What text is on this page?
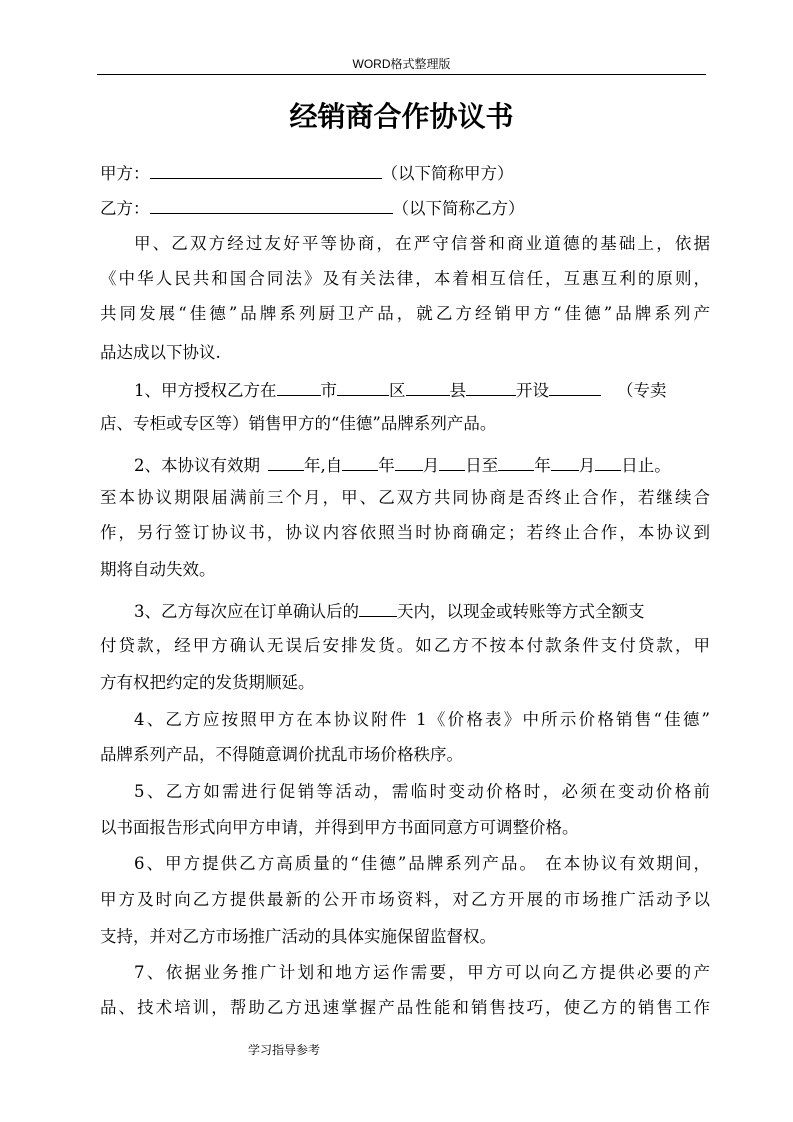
WORD格式整理版
经销商合作协议书
甲方：	（以下简称甲方）
乙方：	（以下简称乙方）
甲、乙双方经过友好平等协商，在严守信誉和商业道德的基础上，依据
《中华人民共和国合同法》及有关法律，本着相互信任，互惠互利的原则，
共同发展“佳德”品牌系列厨卫产品，就乙方经销甲方“佳德”品牌系列产
品达成以下协议.
1、甲方授权乙方在	市	区	县	开设	（专卖
店、专柜或专区等）销售甲方的“佳德”品牌系列产品。
2、本协议有效期	年,自 年 月 日至 年 月 日止。
至本协议期限届满前三个月，甲、乙双方共同协商是否终止合作，若继续合
作，另行签订协议书，协议内容依照当时协商确定；若终止合作，本协议到
期将自动失效。
3、乙方每次应在订单确认后的 天内，以现金或转账等方式全额支
付贷款，经甲方确认无误后安排发货。如乙方不按本付款条件支付贷款，甲
方有权把约定的发货期顺延。
4、乙方应按照甲方在本协议附件 1《价格表》中所示价格销售“佳德”
品牌系列产品，不得随意调价扰乱市场价格秩序。
5、乙方如需进行促销等活动，需临时变动价格时，必须在变动价格前
以书面报告形式向甲方申请，并得到甲方书面同意方可调整价格。
6、甲方提供乙方高质量的“佳德”品牌系列产品。 在本协议有效期间，
甲方及时向乙方提供最新的公开市场资料，对乙方开展的市场推广活动予以
支持，并对乙方市场推广活动的具体实施保留监督权。
7、依据业务推广计划和地方运作需要，甲方可以向乙方提供必要的产
品、技术培训，帮助乙方迅速掌握产品性能和销售技巧，使乙方的销售工作
学习指导参考
